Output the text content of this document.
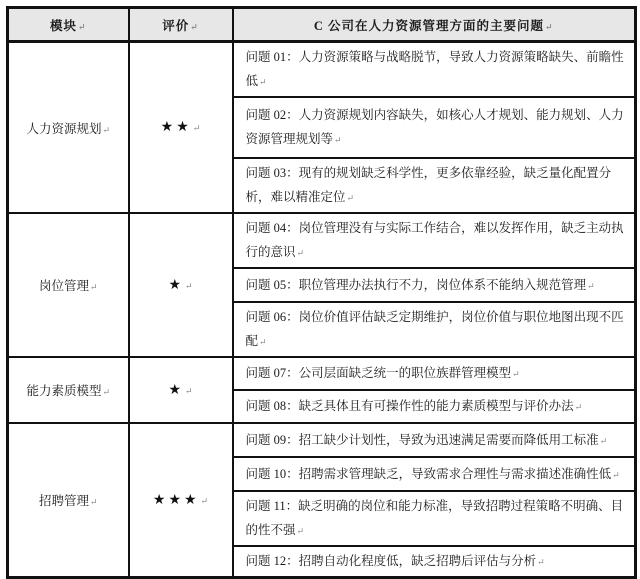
模块↵	评价↵	C 公司在人力资源管理方面的主要问题↵
人力资源规划↵	★★↵	问题 01：人力资源策略与战略脱节，导致人力资源策略缺失、前瞻性低↵
		问题 02：人力资源规划内容缺失，如核心人才规划、能力规划、人力资源管理规划等↵
		问题 03：现有的规划缺乏科学性，更多依靠经验，缺乏量化配置分析，难以精准定位↵
岗位管理↵	★↵	问题 04：岗位管理没有与实际工作结合，难以发挥作用，缺乏主动执行的意识↵
		问题 05：职位管理办法执行不力，岗位体系不能纳入规范管理↵
		问题 06：岗位价值评估缺乏定期维护，岗位价值与职位地图出现不匹配↵
能力素质模型↵	★↵	问题 07：公司层面缺乏统一的职位族群管理模型↵
		问题 08：缺乏具体且有可操作性的能力素质模型与评价办法↵
招聘管理↵	★★★↵	问题 09：招工缺少计划性，导致为迅速满足需要而降低用工标准↵
		问题 10：招聘需求管理缺乏，导致需求合理性与需求描述准确性低↵
		问题 11：缺乏明确的岗位和能力标准，导致招聘过程策略不明确、目的性不强↵
		问题 12：招聘自动化程度低，缺乏招聘后评估与分析↵
